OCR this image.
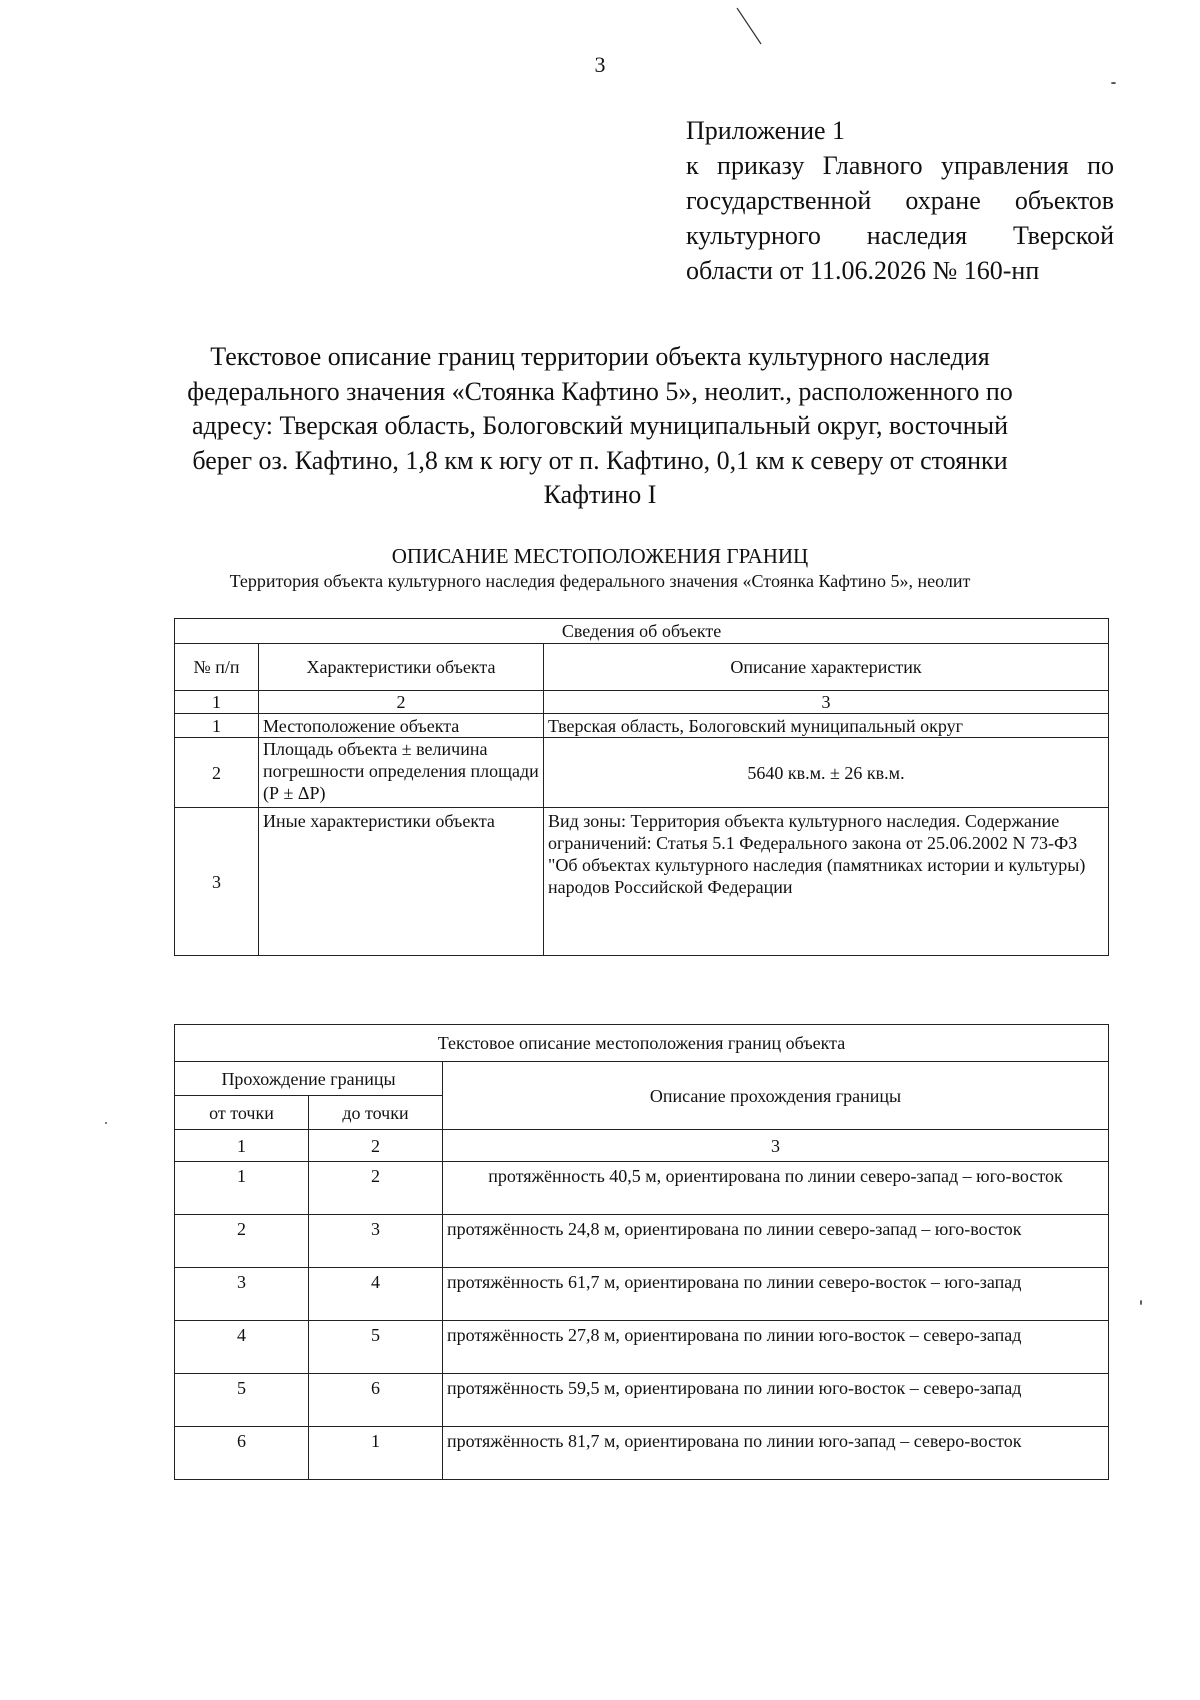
3
Приложение 1
к приказу Главного управления по
государственной охране объектов
культурного наследия Тверской
области от 11.06.2026 № 160-нп
Текстовое описание границ территории объекта культурного наследия
федерального значения «Стоянка Кафтино 5», неолит., расположенного по
адресу: Тверская область, Бологовский муниципальный округ, восточный
берег оз. Кафтино, 1,8 км к югу от п. Кафтино, 0,1 км к северу от стоянки
Кафтино I
ОПИСАНИЕ МЕСТОПОЛОЖЕНИЯ ГРАНИЦ
Территория объекта культурного наследия федерального значения «Стоянка Кафтино 5», неолит
Сведения об объекте		
№ п/п	Характеристики объекта	Описание характеристик
1	2	3
1	Местоположение объекта	Тверская область, Бологовский муниципальный округ
2	Площадь объекта ± величина погрешности определения площади (Р ± ΔР)	5640 кв.м. ± 26 кв.м.
3	Иные характеристики объекта	Вид зоны: Территория объекта культурного наследия. Содержание ограничений: Статья 5.1 Федерального закона от 25.06.2002 N 73-ФЗ "Об объектах культурного наследия (памятниках истории и культуры) народов Российской Федерации
Текстовое описание местоположения границ объекта		
Прохождение границы		Описание прохождения границы
от точки	до точки	
1	2	3
1	2	протяжённость 40,5 м, ориентирована по линии северо-запад – юго-восток
2	3	протяжённость 24,8 м, ориентирована по линии северо-запад – юго-восток
3	4	протяжённость 61,7 м, ориентирована по линии северо-восток – юго-запад
4	5	протяжённость 27,8 м, ориентирована по линии юго-восток – северо-запад
5	6	протяжённость 59,5 м, ориентирована по линии юго-восток – северо-запад
6	1	протяжённость 81,7 м, ориентирована по линии юго-запад – северо-восток
